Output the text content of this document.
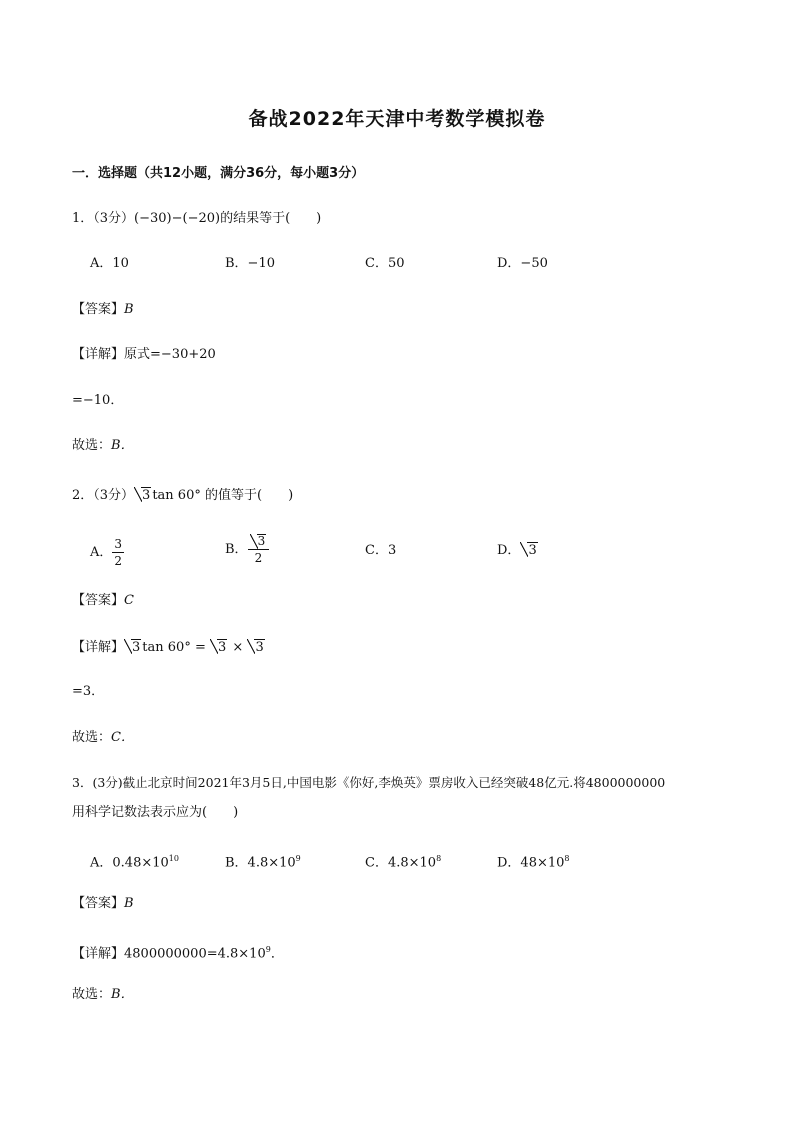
备战2022年天津中考数学模拟卷
一．选择题（共12小题，满分36分，每小题3分）
1．（3分）(−30)−(−20)的结果等于(　　)
A．10	B．−10	C．50	D．−50
【答案】B
【详解】原式=−30+20
=−10．
故选：B．
2．（3分） 3 tan 60° 的值等于(　　)
A． $\frac{3}{2}$	B． $\frac{3}{2}$	C．3	D． 3
【答案】C
【详解】 3 tan 60° = 3 × 3
=3．
故选：C．
3．(3分)截止北京时间2021年3月5日,中国电影《你好,李焕英》票房收入已经突破48亿元.将4800000000
用科学记数法表示应为(　　)
A．$0.48\times 10^{10}$	B．$4.8\times 10^9$	C．$4.8\times 10^8$	D．$48\times 10^8$
【答案】B
【详解】$4800000000=4.8\times 10^9$．
故选：B．
